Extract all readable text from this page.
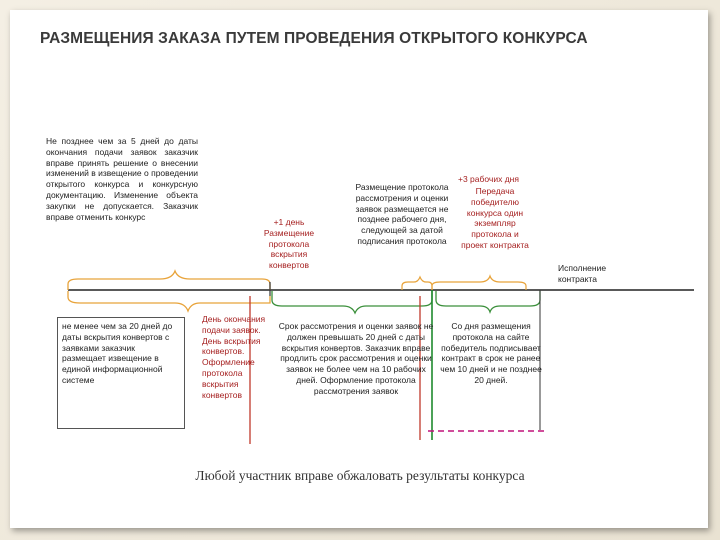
РАЗМЕЩЕНИЯ ЗАКАЗА ПУТЕМ ПРОВЕДЕНИЯ ОТКРЫТОГО КОНКУРСА
Не позднее чем за 5 дней до даты окончания подачи заявок заказчик вправе принять решение о внесении изменений в извещение о проведении открытого конкурса и конкурсную документацию. Изменение объекта закупки не допускается. Заказчик вправе отменить конкурс
не менее чем за 20 дней до даты вскрытия конвертов с заявками заказчик размещает извещение в единой информационной системе
+1 день Размещение протокола вскрытия конвертов
+3 рабочих дня
Размещение протокола рассмотрения и оценки заявок размещается не позднее рабочего дня, следующей за датой подписания протокола
Передача победителю конкурса один экземпляр протокола и проект контракта
Исполнение контракта
День окончания подачи заявок. День вскрытия конвертов. Оформление протокола вскрытия конвертов
Срок рассмотрения и оценки заявок не должен превышать 20 дней с даты вскрытия конвертов. Заказчик вправе продлить срок рассмотрения и оценки заявок не более чем на 10 рабочих дней. Оформление протокола рассмотрения заявок
Со дня размещения протокола на сайте победитель подписывает контракт в срок не ранее чем 10 дней и не позднее 20 дней.
Любой участник вправе обжаловать результаты конкурса
